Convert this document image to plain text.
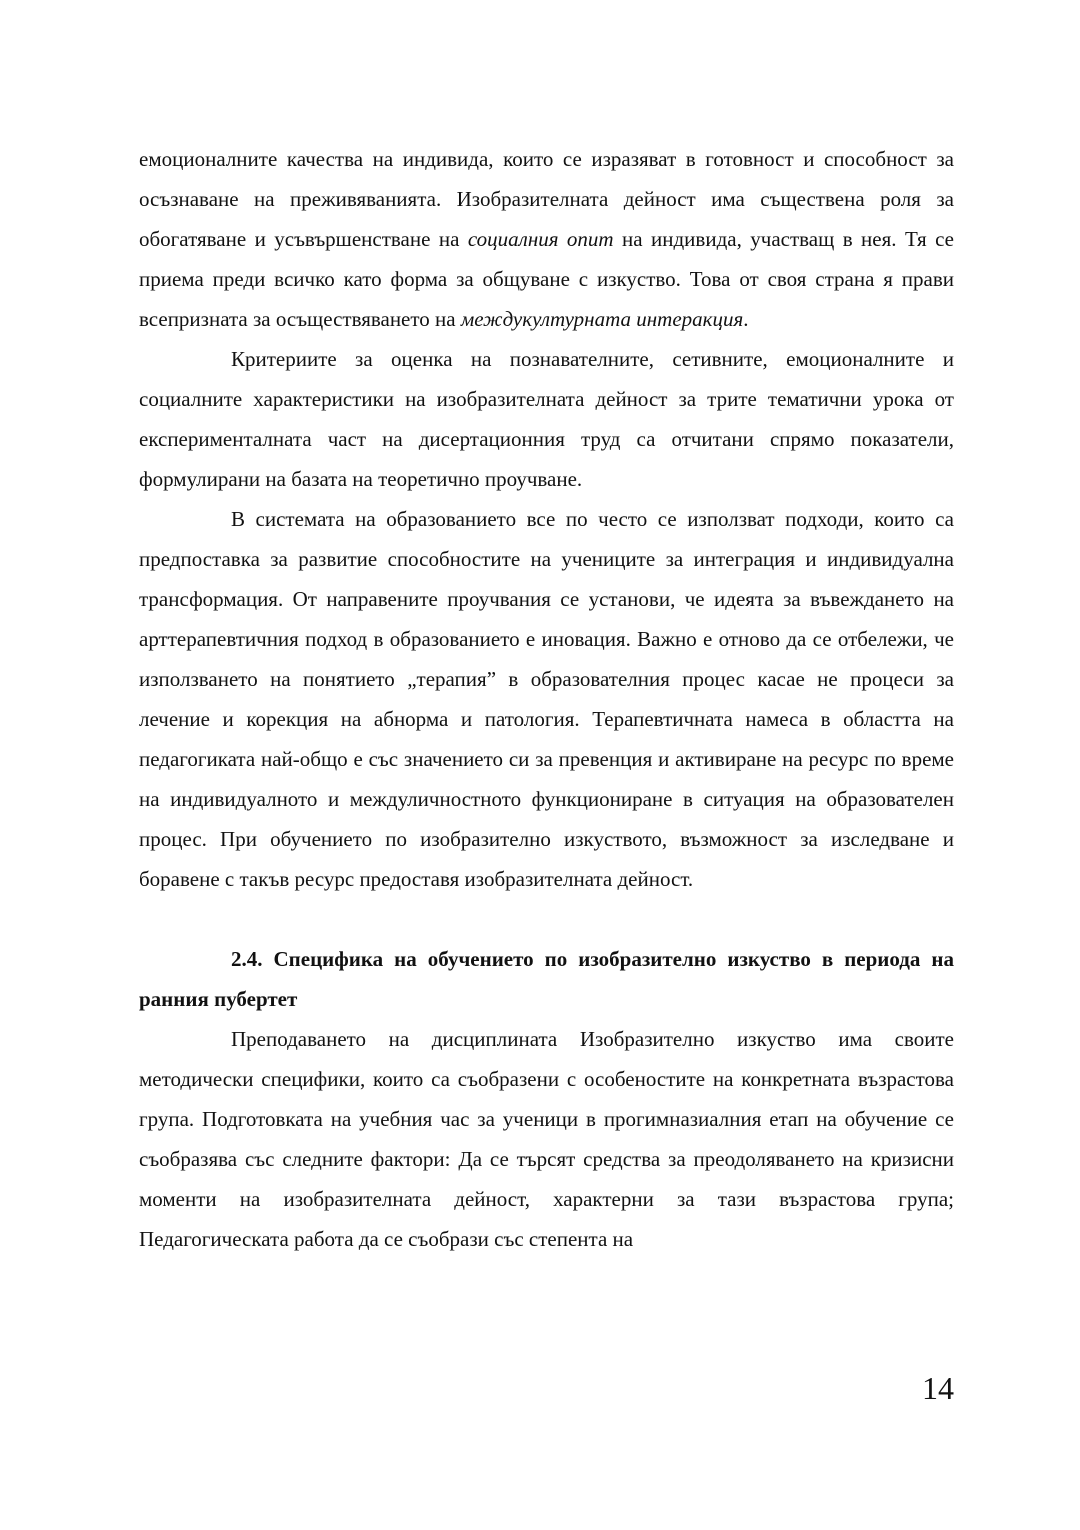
емоционалните качества на индивида, които се изразяват в готовност и способност за осъзнаване на преживяванията. Изобразителната дейност има съществена роля за обогатяване и усъвършенстване на социалния опит на индивида, участващ в нея. Тя се приема преди всичко като форма за общуване с изкуство. Това от своя страна я прави всепризната за осъществяването на междукултурната интеракция.

Критериите за оценка на познавателните, сетивните, емоционалните и социалните характеристики на изобразителната дейност за трите тематични урока от експерименталната част на дисертационния труд са отчитани спрямо показатели, формулирани на базата на теоретично проучване.

В системата на образованието все по често се използват подходи, които са предпоставка за развитие способностите на учениците за интеграция и индивидуална трансформация. От направените проучвания се установи, че идеята за въвеждането на арттерапевтичния подход в образованието е иновация. Важно е отново да се отбележи, че използването на понятието „терапия” в образователния процес касае не процеси за лечение и корекция на абнорма и патология. Терапевтичната намеса в областта на педагогиката най-общо е със значението си за превенция и активиране на ресурс по време на индивидуалното и междуличностното функциониране в ситуация на образователен процес. При обучението по изобразително изкуството, възможност за изследване и боравене с такъв ресурс предоставя изобразителната дейност.

2.4. Специфика на обучението по изобразително изкуство в периода на ранния пубертет

Преподаването на дисциплината Изобразително изкуство има своите методически специфики, които са съобразени с особеностите на конкретната възрастова група. Подготовката на учебния час за ученици в прогимназиалния етап на обучение се съобразява със следните фактори: Да се търсят средства за преодоляването на кризисни моменти на изобразителната дейност, характерни за тази възрастова група; Педагогическата работа да се съобрази със степента на

14
